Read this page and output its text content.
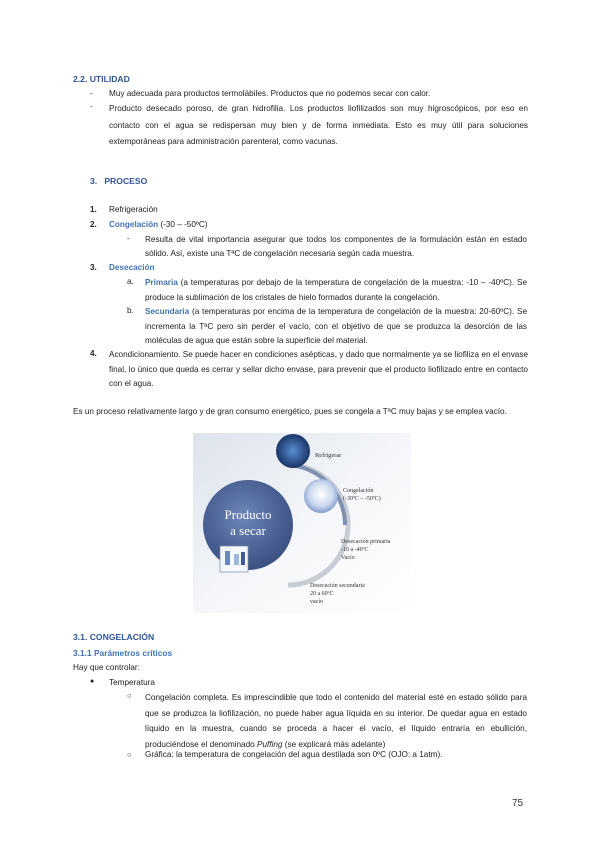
2.2. UTILIDAD
- Muy adecuada para productos termolábiles. Productos que no podemos secar con calor.

- Producto desecado poroso, de gran hidrofilia. Los productos liofilizados son muy higroscópicos, por eso en contacto con el agua se redispersan muy bien y de forma inmediata. Esto es muy útil para soluciones extemporáneas para administración parenteral, como vacunas.

3.   PROCESO
1. Refrigeración
2. Congelación (-30 – -50ºC)
- Resulta de vital importancia asegurar que todos los componentes de la formulación están en estado sólido. Así, existe una TªC de congelación necesaria según cada muestra.

3. Desecación
a. Primaria (a temperaturas por debajo de la temperatura de congelación de la muestra: -10 – -40ºC). Se produce la sublimación de los cristales de hielo formados durante la congelación.

b. Secundaria (a temperaturas por encima de la temperatura de congelación de la muestra: 20-60ºC). Se incrementa la TªC pero sin perder el vacío, con el objetivo de que se produzca la desorción de las moléculas de agua que están sobre la superficie del material.

4. Acondicionamiento. Se puede hacer en condiciones asépticas, y dado que normalmente ya se liofiliza en el envase final, lo único que queda es cerrar y sellar dicho envase, para prevenir que el producto liofilizado entre en contacto con el agua.

Es un proceso relativamente largo y de gran consumo energético, pues se congela a TªC muy bajas y se emplea vacío.

Producto
a secar
Refrigerar
Congelación
(-30ºC – -50ºC)
Desecación primaria
-10 a -40ºC
Vacío
Desecación secundaria
20 a 60ºC
vacío
3.1. CONGELACIÓN
3.1.1 Parámetros críticos
Hay que controlar:
● Temperatura
○ Congelación completa. Es imprescindible que todo el contenido del material esté en estado sólido para que se produzca la liofilización, no puede haber agua líquida en su interior. De quedar agua en estado líquido en la muestra, cuando se proceda a hacer el vacío, el líquido entraría en ebullición, produciéndose el denominado Puffing (se explicará más adelante)

○ Gráfica: la temperatura de congelación del agua destilada son 0ºC (OJO: a 1atm).

75
